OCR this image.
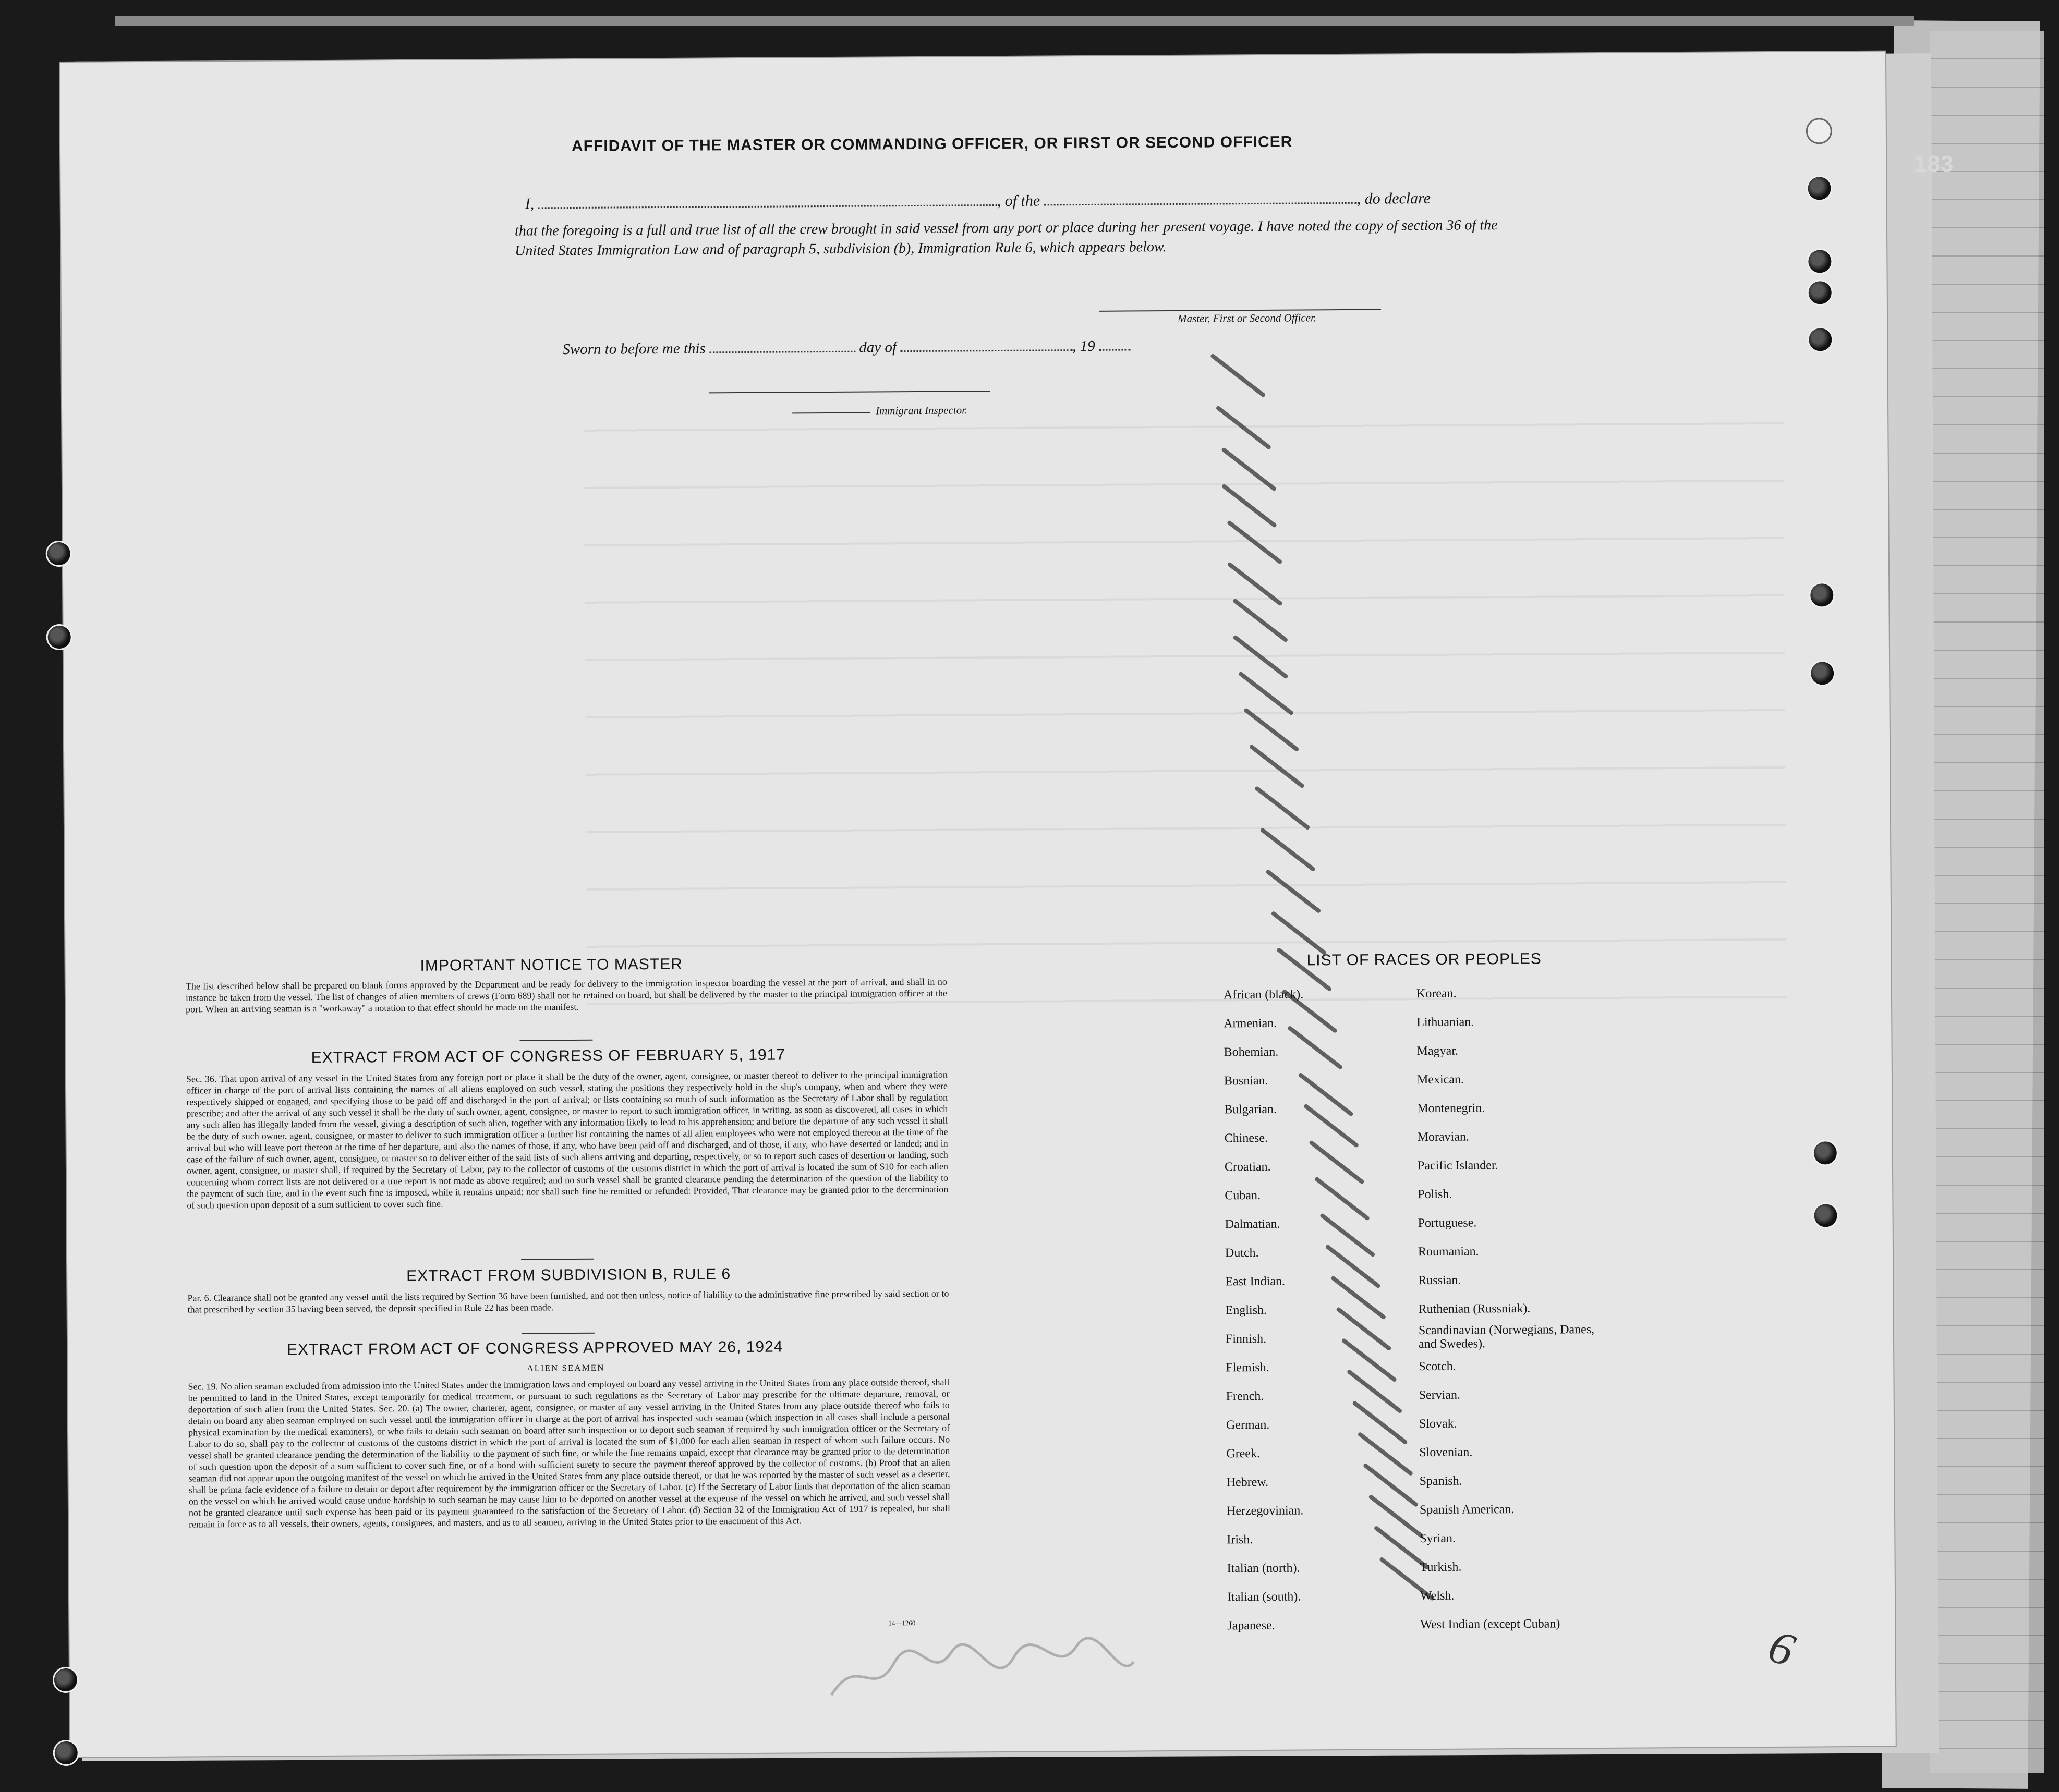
183
AFFIDAVIT OF THE MASTER OR COMMANDING OFFICER, OR FIRST OR SECOND OFFICER
I,	, of the	, do declare

that the foregoing is a full and true list of all the crew brought in said vessel from any port or place during her present voyage. I have noted the copy of section 36 of the United States Immigration Law and of paragraph 5, subdivision (b), Immigration Rule 6, which appears below.

Master, First or Second Officer.
Sworn to before me this	day of	, 19
Immigrant Inspector.
IMPORTANT NOTICE TO MASTER

The list described below shall be prepared on blank forms approved by the Department and be ready for delivery to the immigration inspector boarding the vessel at the port of arrival, and shall in no instance be taken from the vessel. The list of changes of alien members of crews (Form 689) shall not be retained on board, but shall be delivered by the master to the principal immigration officer at the port. When an arriving seaman is a "workaway" a notation to that effect should be made on the manifest.

EXTRACT FROM ACT OF CONGRESS OF FEBRUARY 5, 1917

Sec. 36. That upon arrival of any vessel in the United States from any foreign port or place it shall be the duty of the owner, agent, consignee, or master thereof to deliver to the principal immigration officer in charge of the port of arrival lists containing the names of all aliens employed on such vessel, stating the positions they respectively hold in the ship's company, when and where they were respectively shipped or engaged, and specifying those to be paid off and discharged in the port of arrival; or lists containing so much of such information as the Secretary of Labor shall by regulation prescribe; and after the arrival of any such vessel it shall be the duty of such owner, agent, consignee, or master to report to such immigration officer, in writing, as soon as discovered, all cases in which any such alien has illegally landed from the vessel, giving a description of such alien, together with any information likely to lead to his apprehension; and before the departure of any such vessel it shall be the duty of such owner, agent, consignee, or master to deliver to such immigration officer a further list containing the names of all alien employees who were not employed thereon at the time of the arrival but who will leave port thereon at the time of her departure, and also the names of those, if any, who have been paid off and discharged, and of those, if any, who have deserted or landed; and in case of the failure of such owner, agent, consignee, or master so to deliver either of the said lists of such aliens arriving and departing, respectively, or so to report such cases of desertion or landing, such owner, agent, consignee, or master shall, if required by the Secretary of Labor, pay to the collector of customs of the customs district in which the port of arrival is located the sum of $10 for each alien concerning whom correct lists are not delivered or a true report is not made as above required; and no such vessel shall be granted clearance pending the determination of the question of the liability to the payment of such fine, and in the event such fine is imposed, while it remains unpaid; nor shall such fine be remitted or refunded: Provided, That clearance may be granted prior to the determination of such question upon deposit of a sum sufficient to cover such fine.

EXTRACT FROM SUBDIVISION B, RULE 6

Par. 6. Clearance shall not be granted any vessel until the lists required by Section 36 have been furnished, and not then unless, notice of liability to the administrative fine prescribed by said section or to that prescribed by section 35 having been served, the deposit specified in Rule 22 has been made.

EXTRACT FROM ACT OF CONGRESS APPROVED MAY 26, 1924
ALIEN SEAMEN

Sec. 19. No alien seaman excluded from admission into the United States under the immigration laws and employed on board any vessel arriving in the United States from any place outside thereof, shall be permitted to land in the United States, except temporarily for medical treatment, or pursuant to such regulations as the Secretary of Labor may prescribe for the ultimate departure, removal, or deportation of such alien from the United States. Sec. 20. (a) The owner, charterer, agent, consignee, or master of any vessel arriving in the United States from any place outside thereof who fails to detain on board any alien seaman employed on such vessel until the immigration officer in charge at the port of arrival has inspected such seaman (which inspection in all cases shall include a personal physical examination by the medical examiners), or who fails to detain such seaman on board after such inspection or to deport such seaman if required by such immigration officer or the Secretary of Labor to do so, shall pay to the collector of customs of the customs district in which the port of arrival is located the sum of $1,000 for each alien seaman in respect of whom such failure occurs. No vessel shall be granted clearance pending the determination of the liability to the payment of such fine, or while the fine remains unpaid, except that clearance may be granted prior to the determination of such question upon the deposit of a sum sufficient to cover such fine, or of a bond with sufficient surety to secure the payment thereof approved by the collector of customs. (b) Proof that an alien seaman did not appear upon the outgoing manifest of the vessel on which he arrived in the United States from any place outside thereof, or that he was reported by the master of such vessel as a deserter, shall be prima facie evidence of a failure to detain or deport after requirement by the immigration officer or the Secretary of Labor. (c) If the Secretary of Labor finds that deportation of the alien seaman on the vessel on which he arrived would cause undue hardship to such seaman he may cause him to be deported on another vessel at the expense of the vessel on which he arrived, and such vessel shall not be granted clearance until such expense has been paid or its payment guaranteed to the satisfaction of the Secretary of Labor. (d) Section 32 of the Immigration Act of 1917 is repealed, but shall remain in force as to all vessels, their owners, agents, consignees, and masters, and as to all seamen, arriving in the United States prior to the enactment of this Act.

14—1260
LIST OF RACES OR PEOPLES
African (black).
Armenian.
Bohemian.
Bosnian.
Bulgarian.
Chinese.
Croatian.
Cuban.
Dalmatian.
Dutch.
East Indian.
English.
Finnish.
Flemish.
French.
German.
Greek.
Hebrew.
Herzegovinian.
Irish.
Italian (north).
Italian (south).
Japanese.
Korean.
Lithuanian.
Magyar.
Mexican.
Montenegrin.
Moravian.
Pacific Islander.
Polish.
Portuguese.
Roumanian.
Russian.
Ruthenian (Russniak).
Scandinavian (Norwegians, Danes, and Swedes).
Scotch.
Servian.
Slovak.
Slovenian.
Spanish.
Spanish American.
Syrian.
Turkish.
Welsh.
West Indian (except Cuban)	6
